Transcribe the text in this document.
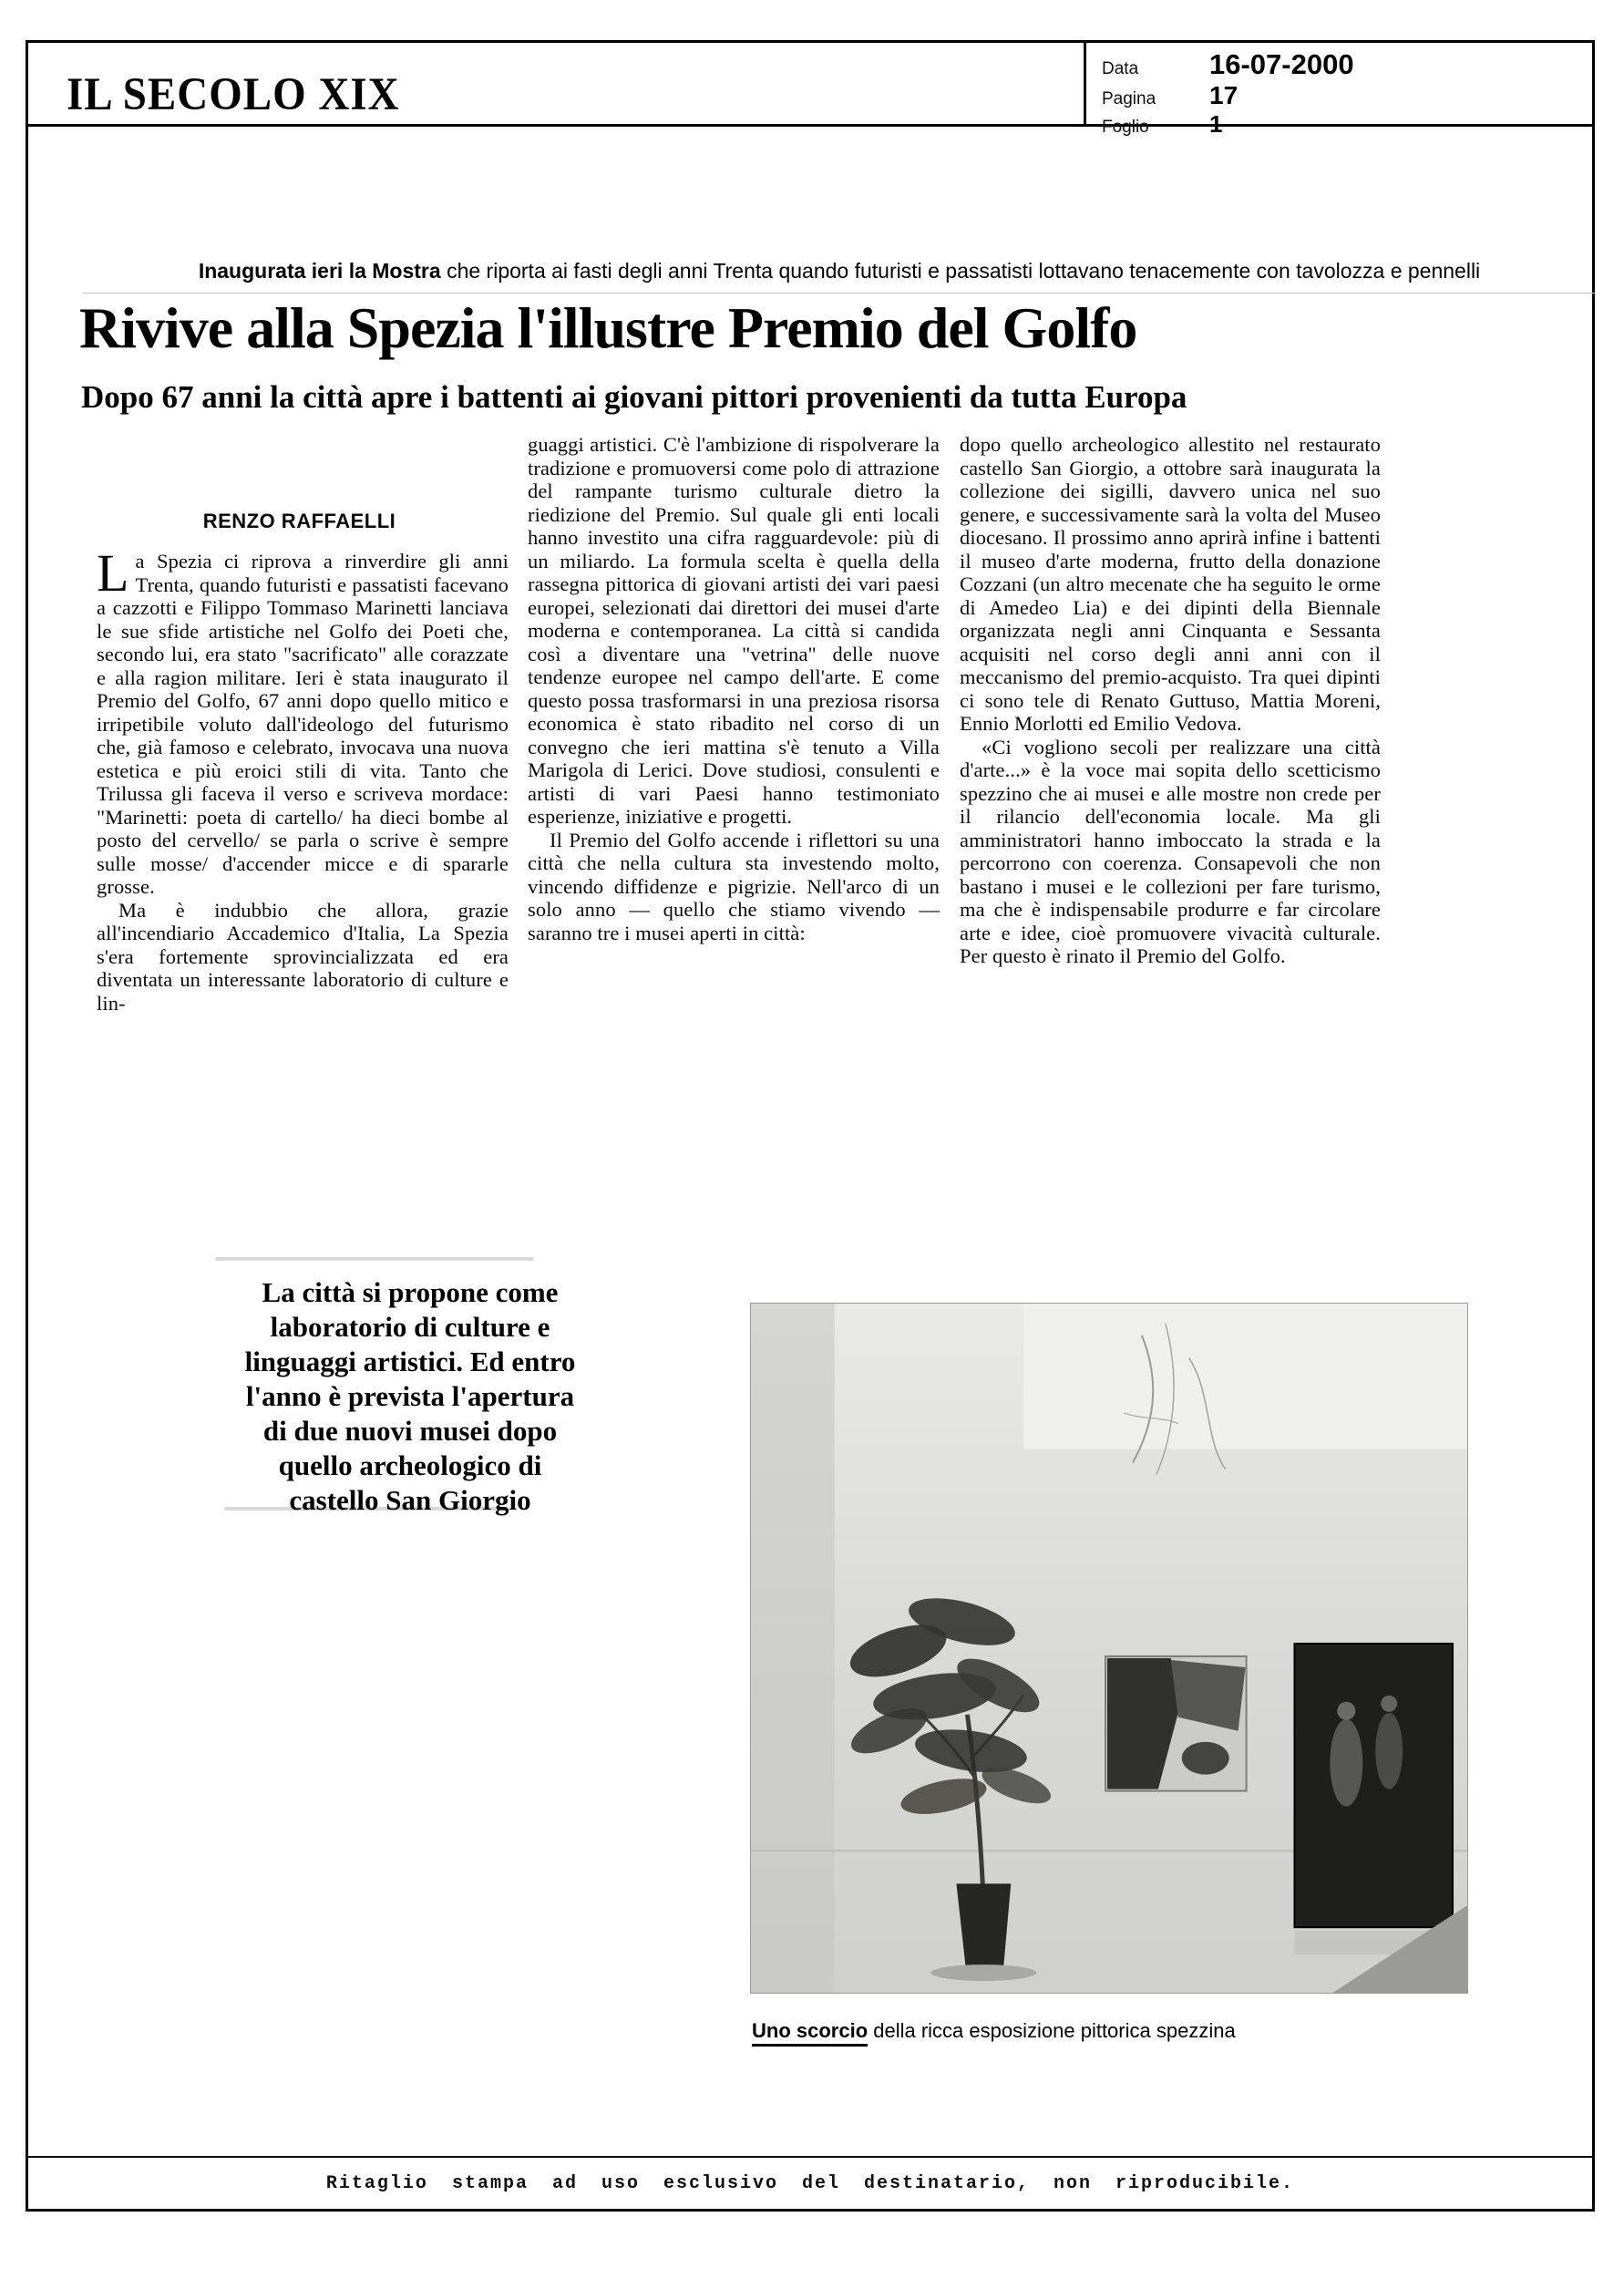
IL SECOLO XIX
Data	16-07-2000
Pagina	17
Foglio	1
Inaugurata ieri la Mostra che riporta ai fasti degli anni Trenta quando futuristi e passatisti lottavano tenacemente con tavolozza e pennelli
Rivive alla Spezia l'illustre Premio del Golfo
Dopo 67 anni la città apre i battenti ai giovani pittori provenienti da tutta Europa
RENZO RAFFAELLI

La Spezia ci riprova a rinverdire gli anni Trenta, quando futuristi e passatisti facevano a cazzotti e Filippo Tommaso Marinetti lanciava le sue sfide artistiche nel Golfo dei Poeti che, secondo lui, era stato "sacrificato" alle corazzate e alla ragion militare. Ieri è stata inaugurato il Premio del Golfo, 67 anni dopo quello mitico e irripetibile voluto dall'ideologo del futurismo che, già famoso e celebrato, invocava una nuova estetica e più eroici stili di vita. Tanto che Trilussa gli faceva il verso e scriveva mordace: "Marinetti: poeta di cartello/ ha dieci bombe al posto del cervello/ se parla o scrive è sempre sulle mosse/ d'accender micce e di spararle grosse.

Ma è indubbio che allora, grazie all'incendiario Accademico d'Italia, La Spezia s'era fortemente sprovincializzata ed era diventata un interessante laboratorio di culture e lin-

guaggi artistici. C'è l'ambizione di rispolverare la tradizione e promuoversi come polo di attrazione del rampante turismo culturale dietro la riedizione del Premio. Sul quale gli enti locali hanno investito una cifra ragguardevole: più di un miliardo. La formula scelta è quella della rassegna pittorica di giovani artisti dei vari paesi europei, selezionati dai direttori dei musei d'arte moderna e contemporanea. La città si candida così a diventare una "vetrina" delle nuove tendenze europee nel campo dell'arte. E come questo possa trasformarsi in una preziosa risorsa economica è stato ribadito nel corso di un convegno che ieri mattina s'è tenuto a Villa Marigola di Lerici. Dove studiosi, consulenti e artisti di vari Paesi hanno testimoniato esperienze, iniziative e progetti.

Il Premio del Golfo accende i riflettori su una città che nella cultura sta investendo molto, vincendo diffidenze e pigrizie. Nell'arco di un solo anno — quello che stiamo vivendo — saranno tre i musei aperti in città:

dopo quello archeologico allestito nel restaurato castello San Giorgio, a ottobre sarà inaugurata la collezione dei sigilli, davvero unica nel suo genere, e successivamente sarà la volta del Museo diocesano. Il prossimo anno aprirà infine i battenti il museo d'arte moderna, frutto della donazione Cozzani (un altro mecenate che ha seguito le orme di Amedeo Lia) e dei dipinti della Biennale organizzata negli anni Cinquanta e Sessanta acquisiti nel corso degli anni anni con il meccanismo del premio-acquisto. Tra quei dipinti ci sono tele di Renato Guttuso, Mattia Moreni, Ennio Morlotti ed Emilio Vedova.

«Ci vogliono secoli per realizzare una città d'arte...» è la voce mai sopita dello scetticismo spezzino che ai musei e alle mostre non crede per il rilancio dell'economia locale. Ma gli amministratori hanno imboccato la strada e la percorrono con coerenza. Consapevoli che non bastano i musei e le collezioni per fare turismo, ma che è indispensabile produrre e far circolare arte e idee, cioè promuovere vivacità culturale. Per questo è rinato il Premio del Golfo.

La città si propone come
laboratorio di culture e
linguaggi artistici. Ed entro
l'anno è prevista l'apertura
di due nuovi musei dopo
quello archeologico di
castello San Giorgio
Uno scorcio della ricca esposizione pittorica spezzina
Ritaglio stampa ad uso esclusivo del destinatario, non riproducibile.
